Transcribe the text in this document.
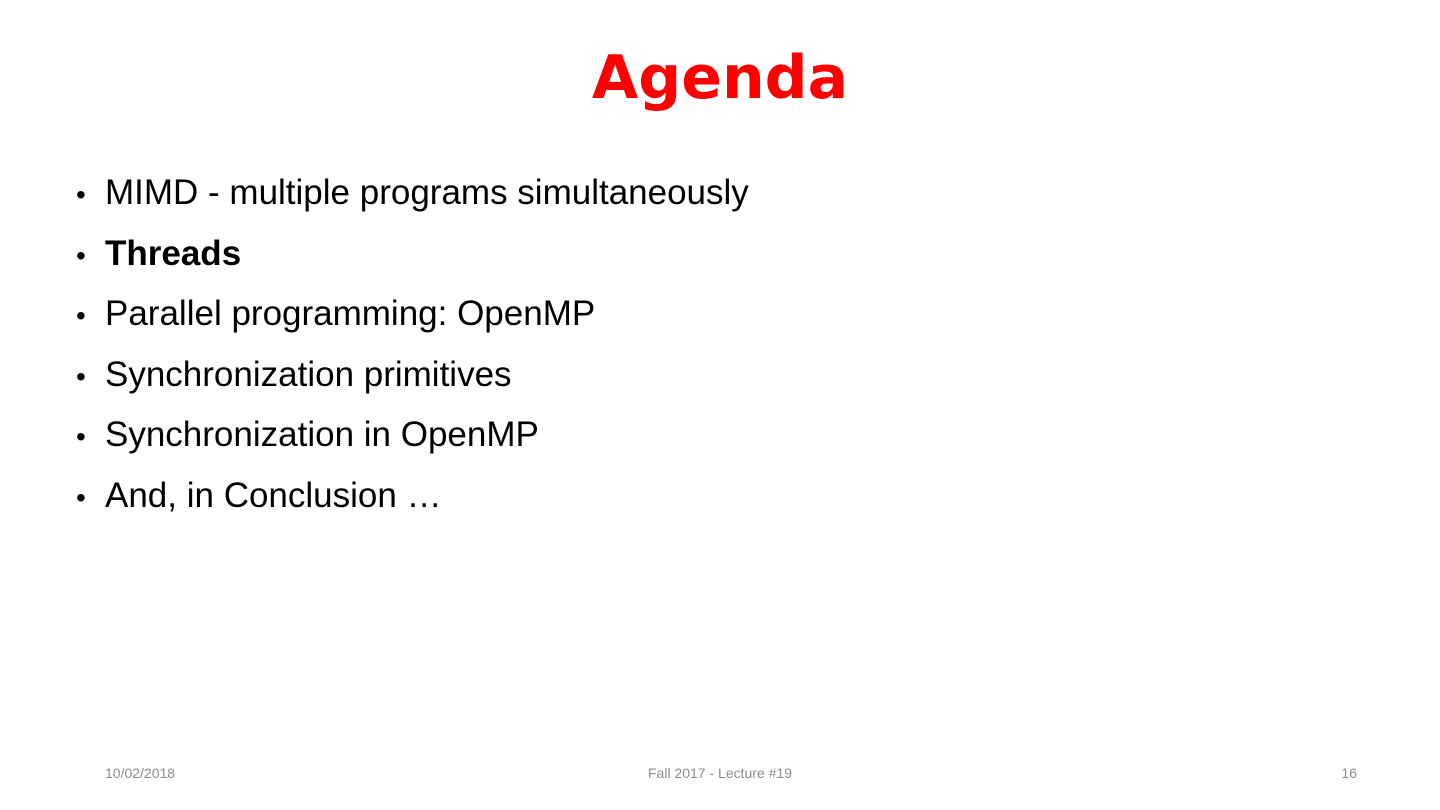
Agenda
• MIMD - multiple programs simultaneously
• Threads
• Parallel programming: OpenMP
• Synchronization primitives
• Synchronization in OpenMP
• And, in Conclusion …
10/02/2018	Fall 2017 - Lecture #19	16
